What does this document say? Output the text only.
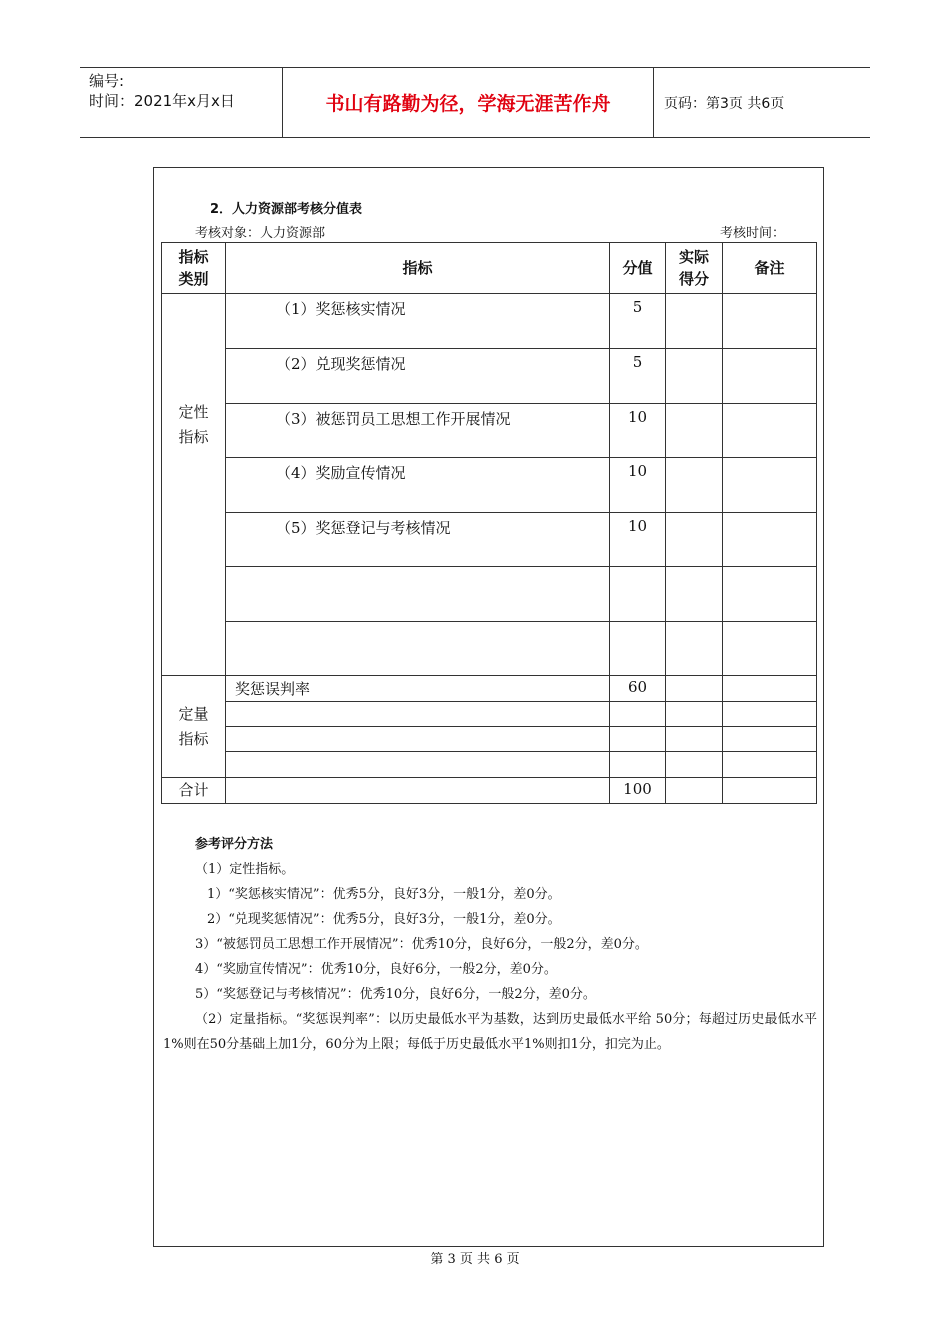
编号:
时间：2021年x月x日	书山有路勤为径，学海无涯苦作舟	页码：第3页 共6页
2．人力资源部考核分值表
考核对象：人力资源部	考核时间：
指标类别	指标	分值	实际得分	备注

定性指标	（1）奖惩核实情况	5		
	（2）兑现奖惩情况	5		
	（3）被惩罚员工思想工作开展情况	10		
	（4）奖励宣传情况	10		
	（5）奖惩登记与考核情况	10		

定量指标	奖惩误判率	60		

合计		100		
参考评分方法
（1）定性指标。
1）“奖惩核实情况”：优秀5分，良好3分，一般1分，差0分。
2）“兑现奖惩情况”：优秀5分，良好3分，一般1分，差0分。
3）“被惩罚员工思想工作开展情况”：优秀10分，良好6分，一般2分，差0分。
4）“奖励宣传情况”：优秀10分，良好6分，一般2分，差0分。
5）“奖惩登记与考核情况”：优秀10分，良好6分，一般2分，差0分。
（2）定量指标。“奖惩误判率”：以历史最低水平为基数，达到历史最低水平给 50分；每超过历史最低水平1%则在50分基础上加1分，60分为上限；每低于历史最低水平1%则扣1分，扣完为止。
第 3 页 共 6 页
